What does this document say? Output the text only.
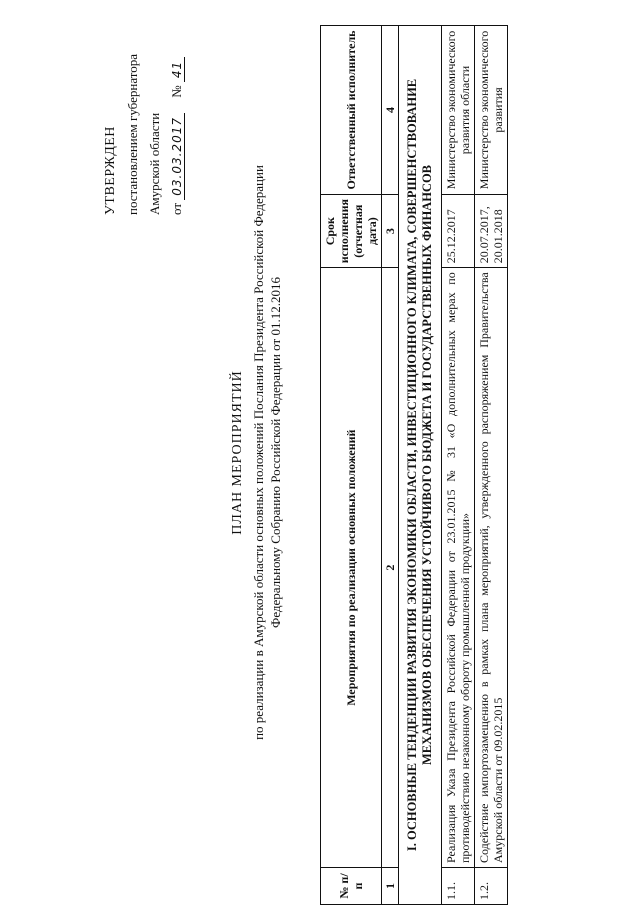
УТВЕРЖДЕН постановлением губернатора Амурской области от 03.03.2017 № 41
ПЛАН МЕРОПРИЯТИЙ по реализации в Амурской области основных положений Послания Президента Российской Федерации Федеральному Собранию Российской Федерации от 01.12.2016
№ п/п	Мероприятия по реализации основных положений	Срок исполнения (отчетная дата)	Ответственный исполнитель
1	2	3	4
I. ОСНОВНЫЕ ТЕНДЕНЦИИ РАЗВИТИЯ ЭКОНОМИКИ ОБЛАСТИ, ИНВЕСТИЦИОННОГО КЛИМАТА, СОВЕРШЕНСТВОВАНИЕ МЕХАНИЗМОВ ОБЕСПЕЧЕНИЯ УСТОЙЧИВОГО БЮДЖЕТА И ГОСУДАРСТВЕННЫХ ФИНАНСОВ			
1.1.	Реализация Указа Президента Российской Федерации от 23.01.2015 № 31 «О дополнительных мерах по противодействию незаконному обороту промышленной продукции»	25.12.2017	Министерство экономического развития области
1.2.	Содействие импортозамещению в рамках плана мероприятий, утвержденного распоряжением Правительства Амурской области от 09.02.2015	20.07.2017, 20.01.2018	Министерство экономического развития
